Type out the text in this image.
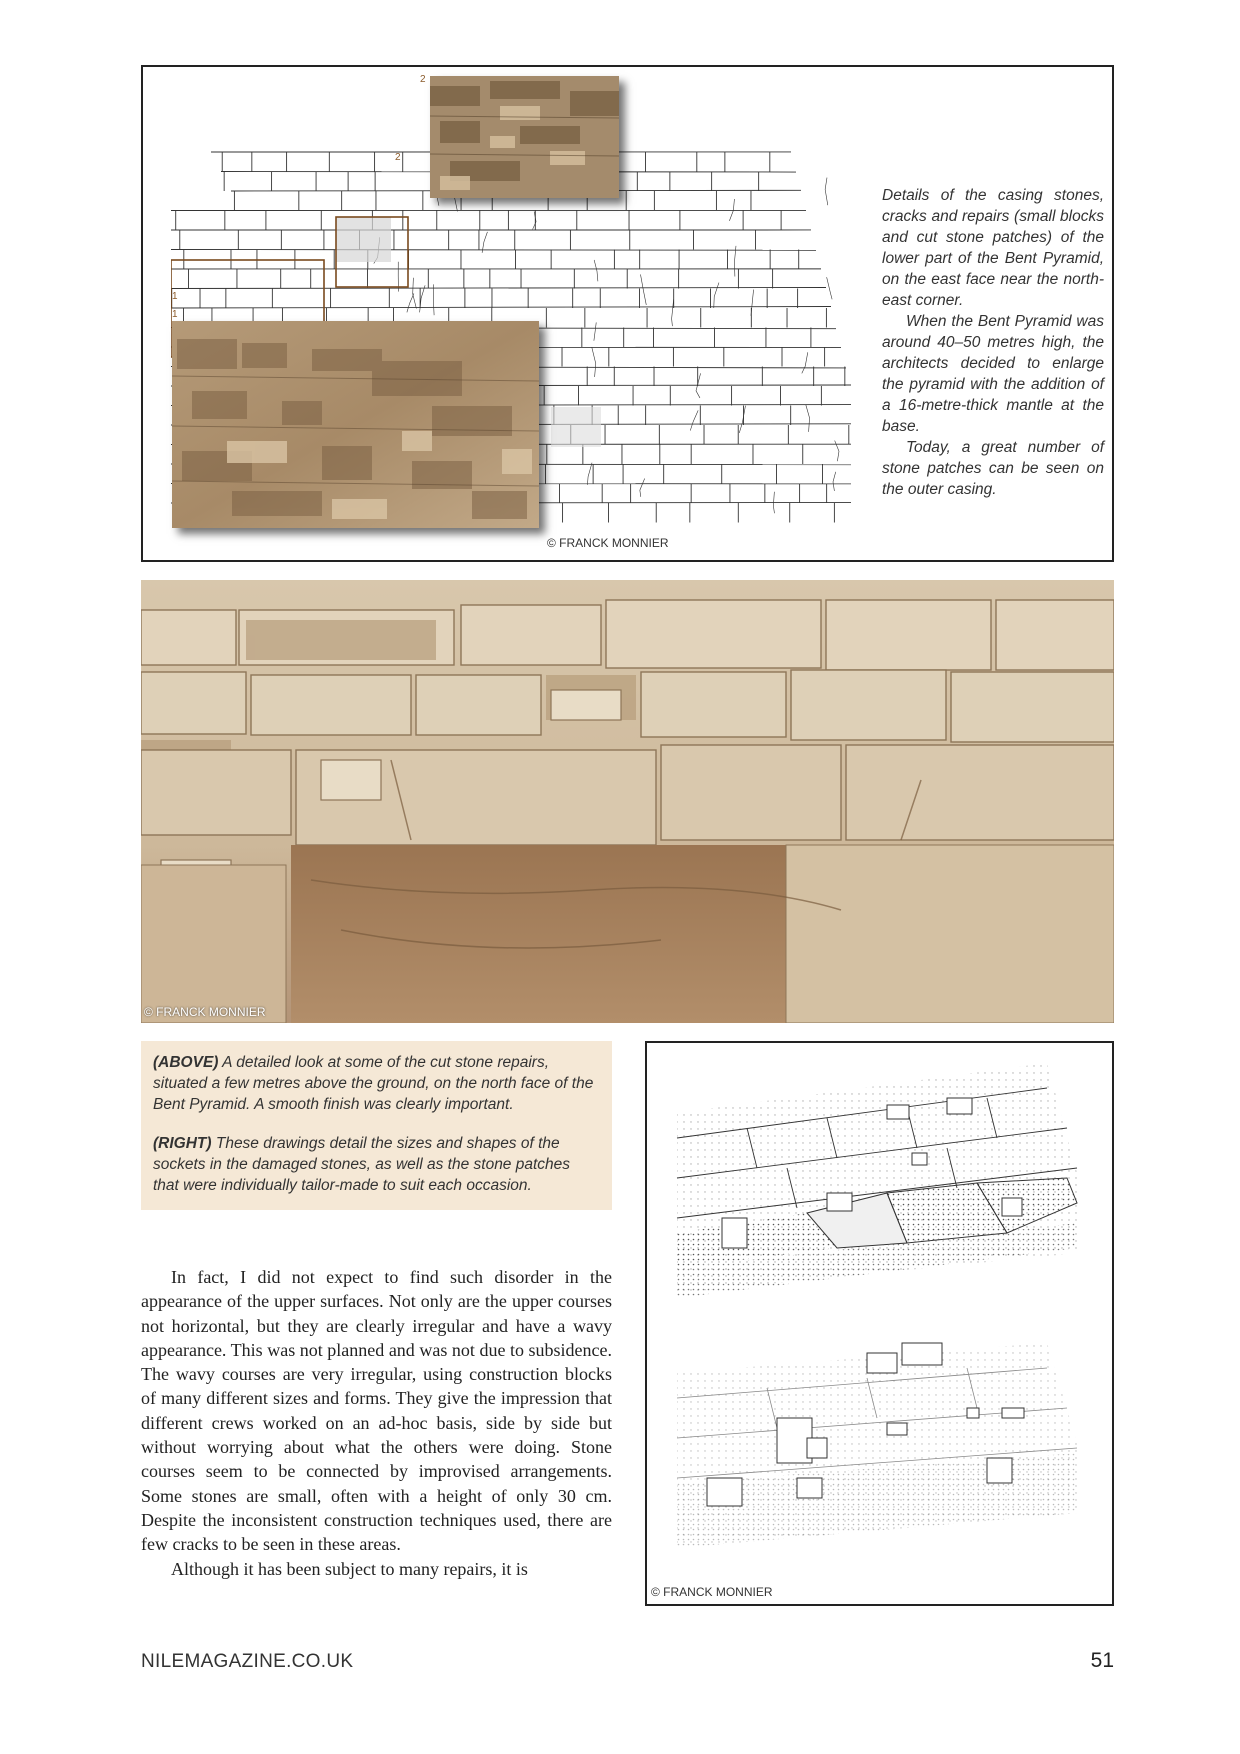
1
2
1
2
© FRANCK MONNIER

Details of the casing stones, cracks and repairs (small blocks and cut stone patches) of the lower part of the Bent Pyramid, on the east face near the north-east corner.

When the Bent Pyramid was around 40–50 metres high, the architects decided to enlarge the pyramid with the addition of a 16-metre-thick mantle at the base.

Today, a great number of stone patches can be seen on the outer casing.

© FRANCK MONNIER

(ABOVE) A detailed look at some of the cut stone repairs, situated a few metres above the ground, on the north face of the Bent Pyramid. A smooth finish was clearly important.

(RIGHT) These drawings detail the sizes and shapes of the sockets in the damaged stones, as well as the stone patches that were individually tailor-made to suit each occasion.

© FRANCK MONNIER

In fact, I did not expect to find such disorder in the appearance of the upper surfaces. Not only are the upper courses not horizontal, but they are clearly irregular and have a wavy appearance. This was not planned and was not due to subsidence. The wavy courses are very irregular, using construction blocks of many different sizes and forms. They give the impression that different crews worked on an ad-hoc basis, side by side but without worrying about what the others were doing. Stone courses seem to be connected by improvised arrangements. Some stones are small, often with a height of only 30 cm. Despite the inconsistent construction techniques used, there are few cracks to be seen in these areas.

Although it has been subject to many repairs, it is

NILEMAGAZINE.CO.UK	51
